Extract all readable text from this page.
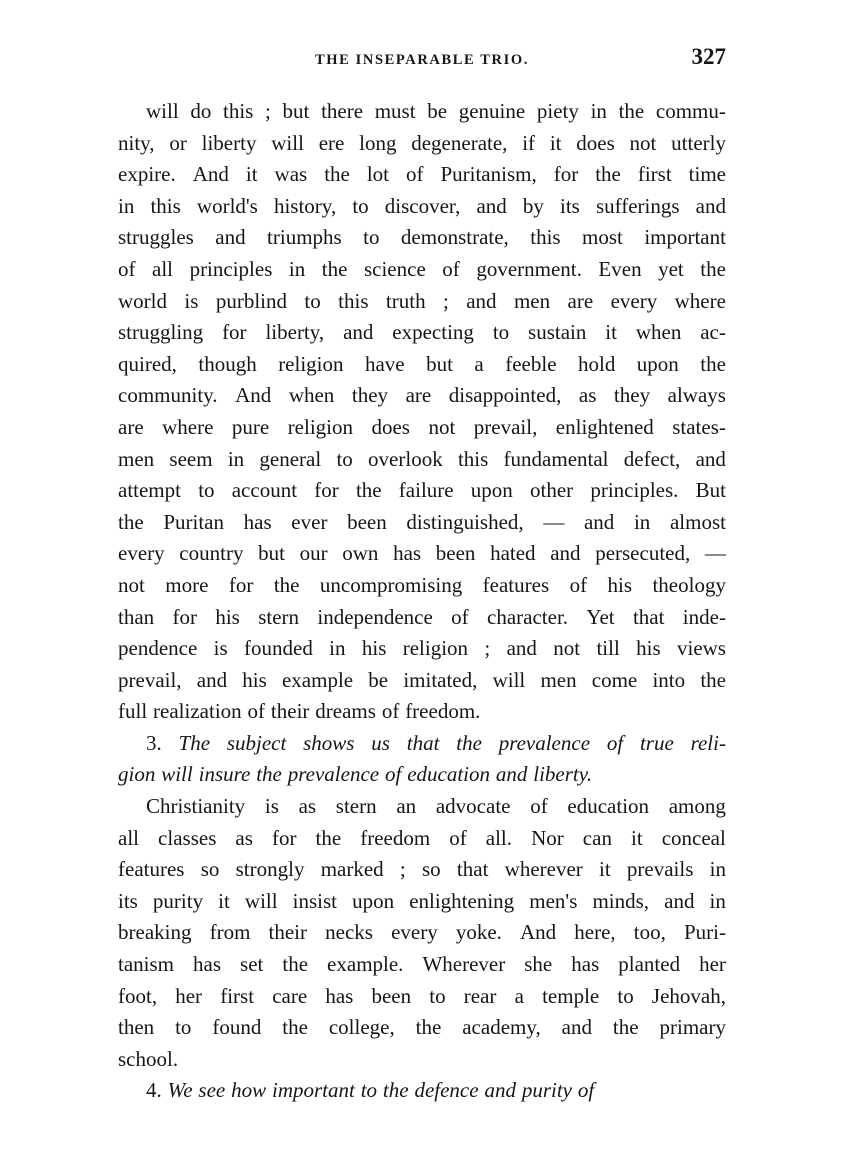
THE INSEPARABLE TRIO.	327
will do this ; but there must be genuine piety in the commu-
nity, or liberty will ere long degenerate, if it does not utterly
expire. And it was the lot of Puritanism, for the first time
in this world's history, to discover, and by its sufferings and
struggles and triumphs to demonstrate, this most important
of all principles in the science of government. Even yet the
world is purblind to this truth ; and men are every where
struggling for liberty, and expecting to sustain it when ac-
quired, though religion have but a feeble hold upon the
community. And when they are disappointed, as they always
are where pure religion does not prevail, enlightened states-
men seem in general to overlook this fundamental defect, and
attempt to account for the failure upon other principles. But
the Puritan has ever been distinguished, — and in almost
every country but our own has been hated and persecuted, —
not more for the uncompromising features of his theology
than for his stern independence of character. Yet that inde-
pendence is founded in his religion ; and not till his views
prevail, and his example be imitated, will men come into the
full realization of their dreams of freedom.
3. The subject shows us that the prevalence of true reli-
gion will insure the prevalence of education and liberty.
Christianity is as stern an advocate of education among
all classes as for the freedom of all. Nor can it conceal
features so strongly marked ; so that wherever it prevails in
its purity it will insist upon enlightening men's minds, and in
breaking from their necks every yoke. And here, too, Puri-
tanism has set the example. Wherever she has planted her
foot, her first care has been to rear a temple to Jehovah,
then to found the college, the academy, and the primary
school.
4. We see how important to the defence and purity of
